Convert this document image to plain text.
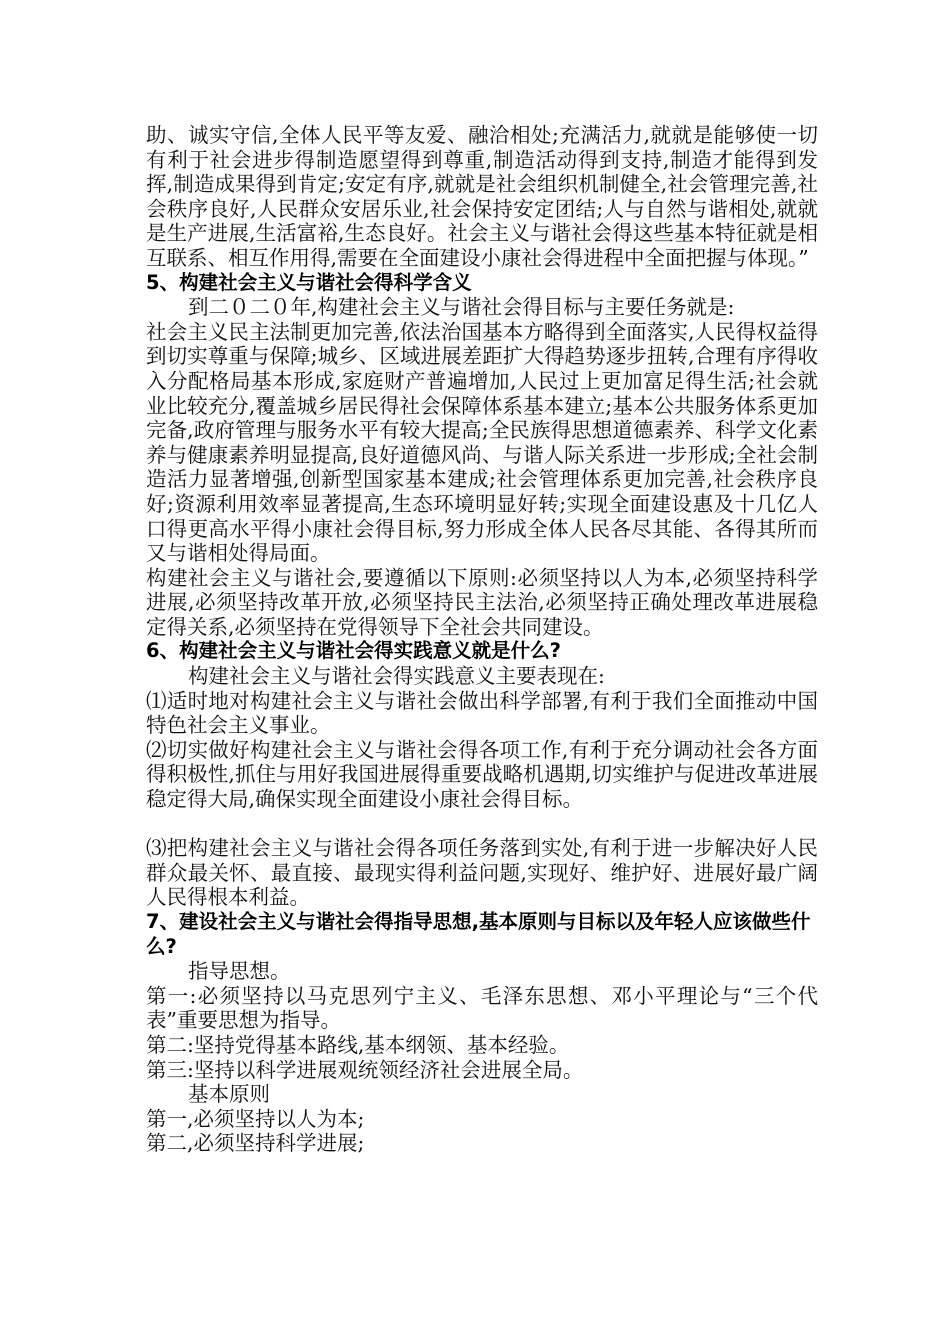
助、诚实守信,全体人民平等友爱、融洽相处;充满活力,就就是能够使一切有利于社会进步得制造愿望得到尊重,制造活动得到支持,制造才能得到发挥,制造成果得到肯定;安定有序,就就是社会组织机制健全,社会管理完善,社会秩序良好,人民群众安居乐业,社会保持安定团结;人与自然与谐相处,就就是生产进展,生活富裕,生态良好。社会主义与谐社会得这些基本特征就是相互联系、相互作用得,需要在全面建设小康社会得进程中全面把握与体现。”

5、构建社会主义与谐社会得科学含义

到二０二０年,构建社会主义与谐社会得目标与主要任务就是:

社会主义民主法制更加完善,依法治国基本方略得到全面落实,人民得权益得到切实尊重与保障;城乡、区域进展差距扩大得趋势逐步扭转,合理有序得收入分配格局基本形成,家庭财产普遍增加,人民过上更加富足得生活;社会就业比较充分,覆盖城乡居民得社会保障体系基本建立;基本公共服务体系更加完备,政府管理与服务水平有较大提高;全民族得思想道德素养、科学文化素养与健康素养明显提高,良好道德风尚、与谐人际关系进一步形成;全社会制造活力显著增强,创新型国家基本建成;社会管理体系更加完善,社会秩序良好;资源利用效率显著提高,生态环境明显好转;实现全面建设惠及十几亿人口得更高水平得小康社会得目标,努力形成全体人民各尽其能、各得其所而又与谐相处得局面。

构建社会主义与谐社会,要遵循以下原则:必须坚持以人为本,必须坚持科学进展,必须坚持改革开放,必须坚持民主法治,必须坚持正确处理改革进展稳定得关系,必须坚持在党得领导下全社会共同建设。

6、构建社会主义与谐社会得实践意义就是什么?

构建社会主义与谐社会得实践意义主要表现在:

⑴适时地对构建社会主义与谐社会做出科学部署,有利于我们全面推动中国特色社会主义事业。

⑵切实做好构建社会主义与谐社会得各项工作,有利于充分调动社会各方面得积极性,抓住与用好我国进展得重要战略机遇期,切实维护与促进改革进展稳定得大局,确保实现全面建设小康社会得目标。

⑶把构建社会主义与谐社会得各项任务落到实处,有利于进一步解决好人民群众最关怀、最直接、最现实得利益问题,实现好、维护好、进展好最广阔人民得根本利益。

7、建设社会主义与谐社会得指导思想,基本原则与目标以及年轻人应该做些什么?

指导思想。

第一:必须坚持以马克思列宁主义、毛泽东思想、邓小平理论与“三个代表”重要思想为指导。

第二:坚持党得基本路线,基本纲领、基本经验。

第三:坚持以科学进展观统领经济社会进展全局。

基本原则

第一,必须坚持以人为本;

第二,必须坚持科学进展;
